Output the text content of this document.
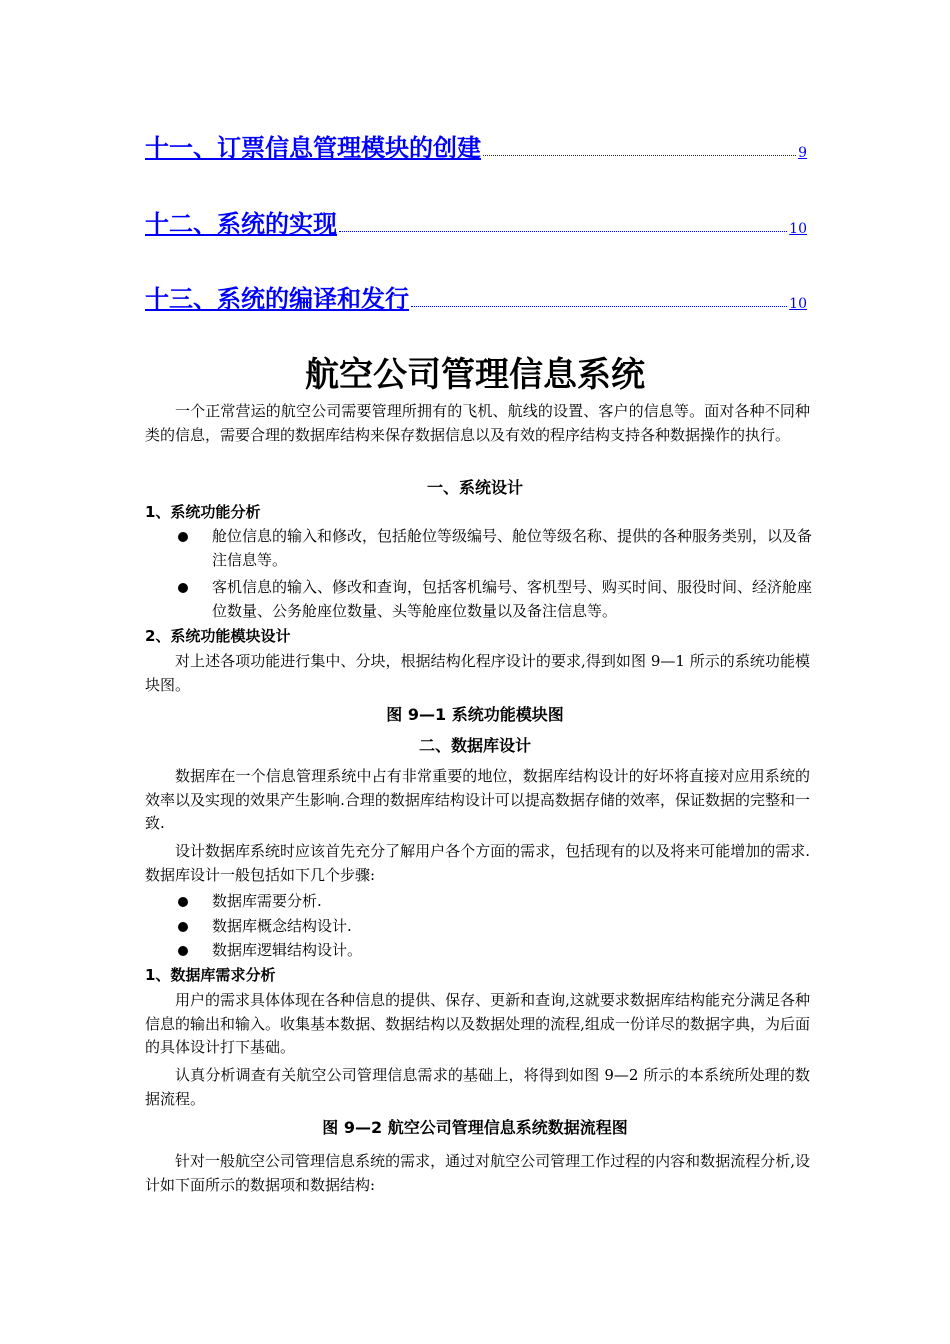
十一、订票信息管理模块的创建	9
十二、系统的实现	10
十三、系统的编译和发行	10
航空公司管理信息系统

一个正常营运的航空公司需要管理所拥有的飞机、航线的设置、客户的信息等。面对各种不同种类的信息，需要合理的数据库结构来保存数据信息以及有效的程序结构支持各种数据操作的执行。

一、系统设计
1、系统功能分析
舱位信息的输入和修改，包括舱位等级编号、舱位等级名称、提供的各种服务类别，以及备注信息等。
客机信息的输入、修改和查询，包括客机编号、客机型号、购买时间、服役时间、经济舱座位数量、公务舱座位数量、头等舱座位数量以及备注信息等。
2、系统功能模块设计

对上述各项功能进行集中、分块，根据结构化程序设计的要求,得到如图 9—1 所示的系统功能模块图。

图 9—1 系统功能模块图

二、数据库设计

数据库在一个信息管理系统中占有非常重要的地位，数据库结构设计的好坏将直接对应用系统的效率以及实现的效果产生影响.合理的数据库结构设计可以提高数据存储的效率，保证数据的完整和一致.

设计数据库系统时应该首先充分了解用户各个方面的需求，包括现有的以及将来可能增加的需求.数据库设计一般包括如下几个步骤:

数据库需要分析.
数据库概念结构设计.
数据库逻辑结构设计。
1、数据库需求分析

用户的需求具体体现在各种信息的提供、保存、更新和查询,这就要求数据库结构能充分满足各种信息的输出和输入。收集基本数据、数据结构以及数据处理的流程,组成一份详尽的数据字典，为后面的具体设计打下基础。

认真分析调查有关航空公司管理信息需求的基础上，将得到如图 9—2 所示的本系统所处理的数据流程。

图 9—2 航空公司管理信息系统数据流程图

针对一般航空公司管理信息系统的需求，通过对航空公司管理工作过程的内容和数据流程分析,设计如下面所示的数据项和数据结构:
